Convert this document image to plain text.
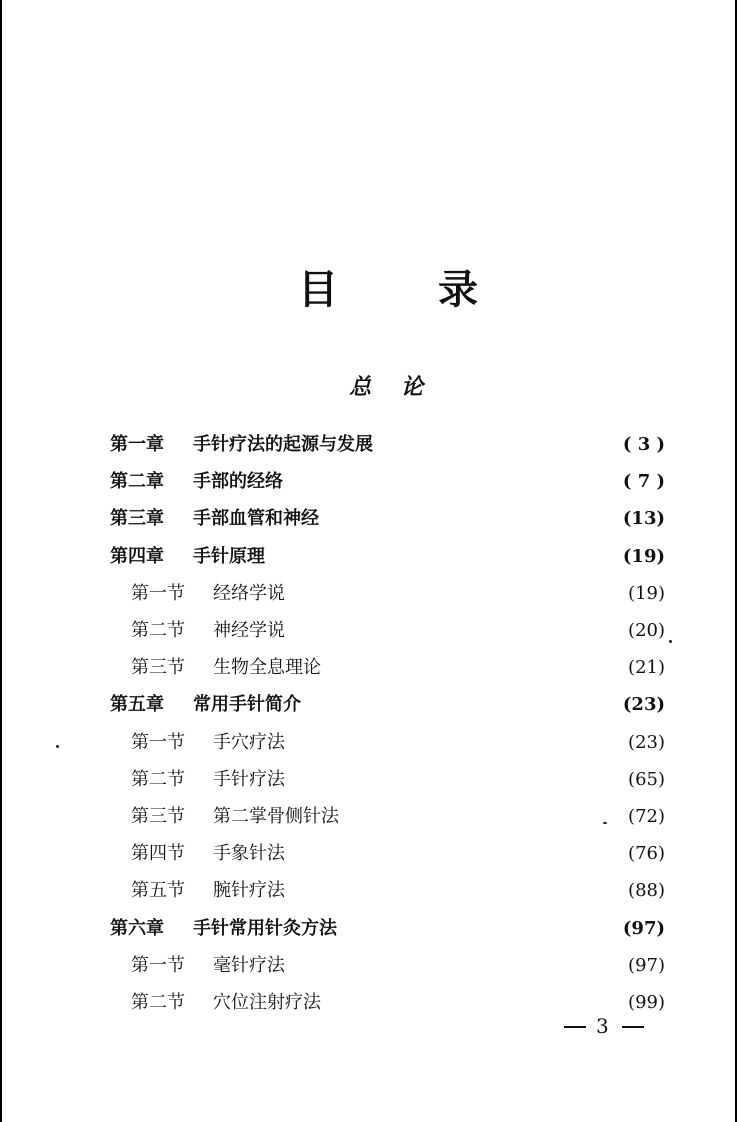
目	录
总 论
第一章 手针疗法的起源与发展	( 3 )
第二章 手部的经络	( 7 )
第三章 手部血管和神经	(13)
第四章 手针原理	(19)
第一节 经络学说	(19)
第二节 神经学说	(20)
第三节 生物全息理论	(21)
第五章 常用手针简介	(23)
第一节 手穴疗法	(23)
第二节 手针疗法	(65)
第三节 第二掌骨侧针法	(72)
第四节 手象针法	(76)
第五节 腕针疗法	(88)
第六章 手针常用针灸方法	(97)
第一节 毫针疗法	(97)
第二节 穴位注射疗法	(99)
3
